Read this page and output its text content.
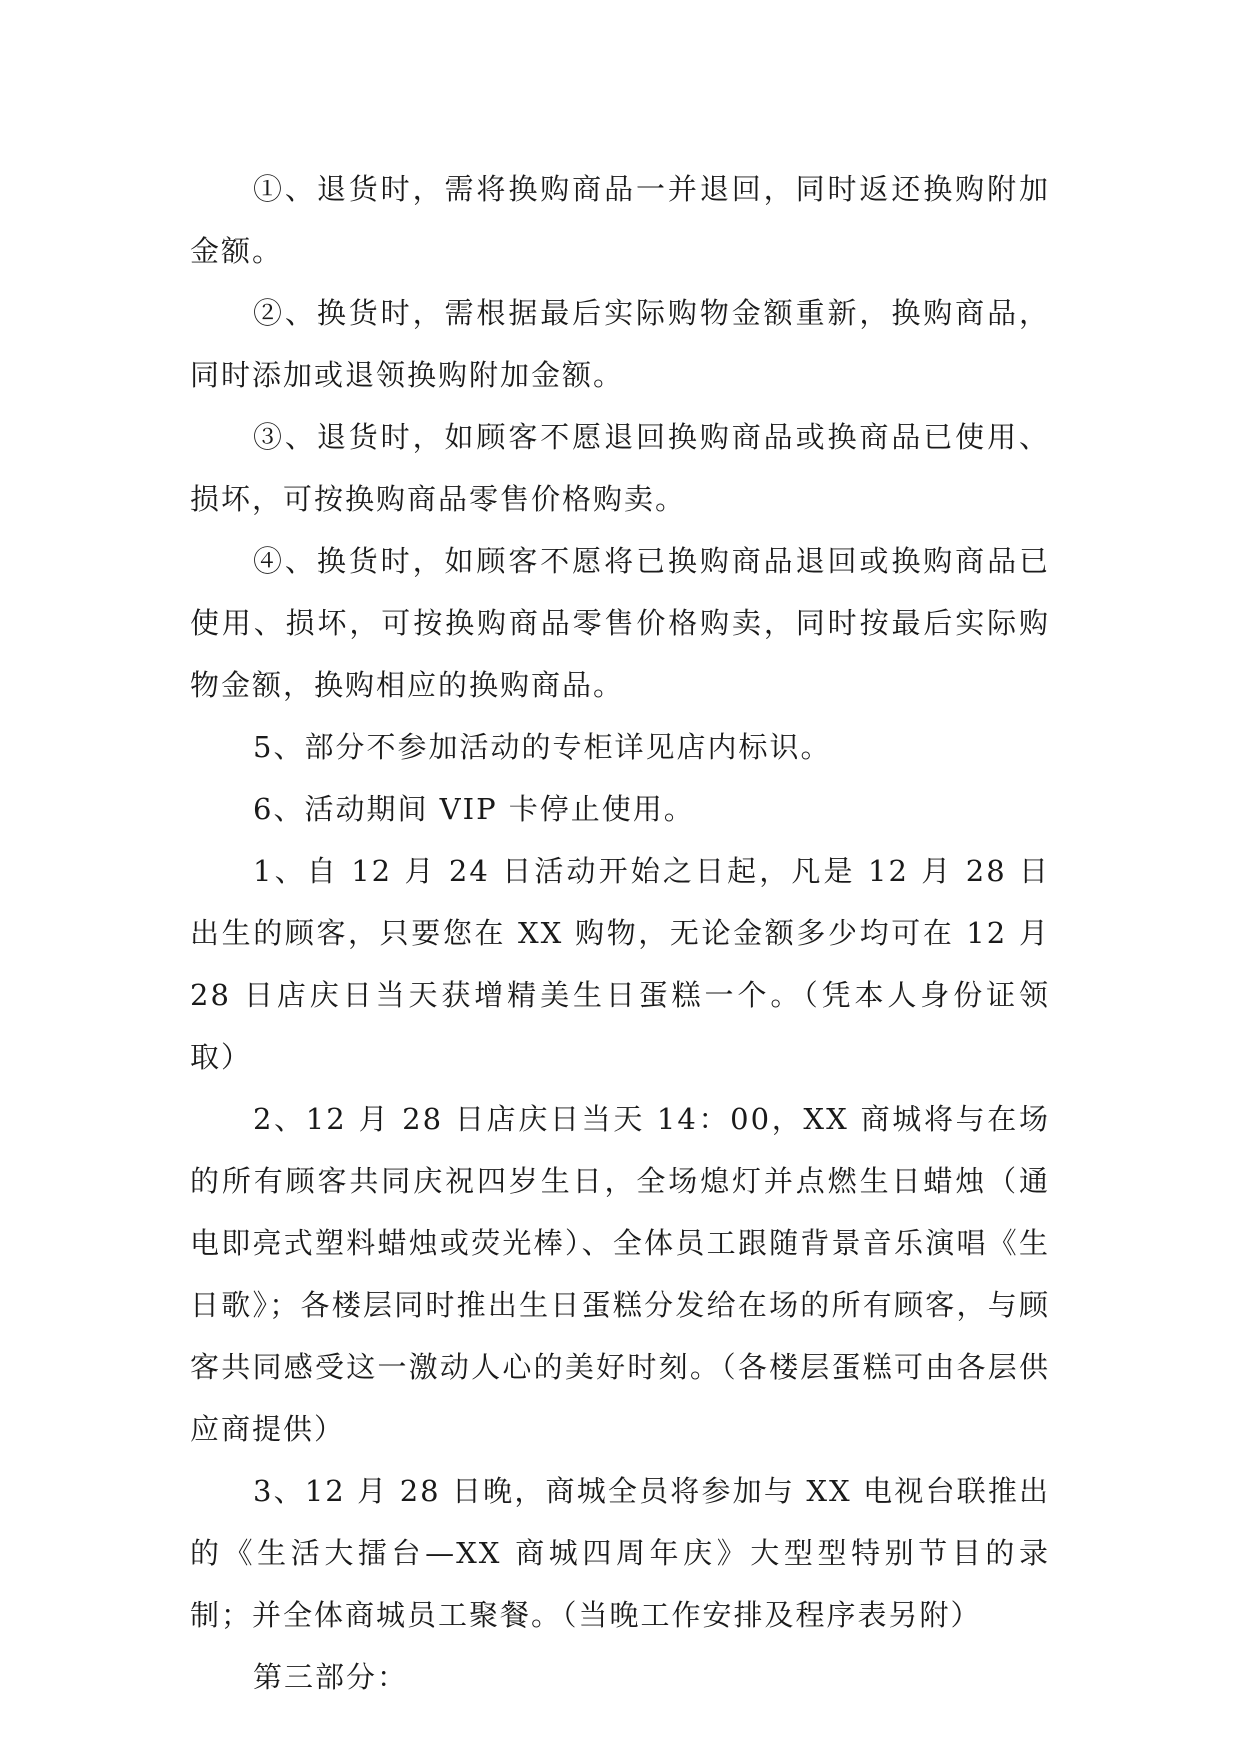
①、退货时，需将换购商品一并退回，同时返还换购附加金额。

②、换货时，需根据最后实际购物金额重新，换购商品，同时添加或退领换购附加金额。

③、退货时，如顾客不愿退回换购商品或换商品已使用、损坏，可按换购商品零售价格购卖。

④、换货时，如顾客不愿将已换购商品退回或换购商品已使用、损坏，可按换购商品零售价格购卖，同时按最后实际购物金额，换购相应的换购商品。

5、部分不参加活动的专柜详见店内标识。

6、活动期间 VIP 卡停止使用。

1、自 12 月 24 日活动开始之日起，凡是 12 月 28 日出生的顾客，只要您在 XX 购物，无论金额多少均可在 12 月 28 日店庆日当天获增精美生日蛋糕一个。（凭本人身份证领取）

2、12 月 28 日店庆日当天 14：00，XX 商城将与在场的所有顾客共同庆祝四岁生日，全场熄灯并点燃生日蜡烛（通电即亮式塑料蜡烛或荧光棒）、全体员工跟随背景音乐演唱《生日歌》；各楼层同时推出生日蛋糕分发给在场的所有顾客，与顾客共同感受这一激动人心的美好时刻。（各楼层蛋糕可由各层供应商提供）

3、12 月 28 日晚，商城全员将参加与 XX 电视台联推出的《生活大擂台—XX 商城四周年庆》大型型特别节目的录制；并全体商城员工聚餐。（当晚工作安排及程序表另附）

第三部分：
